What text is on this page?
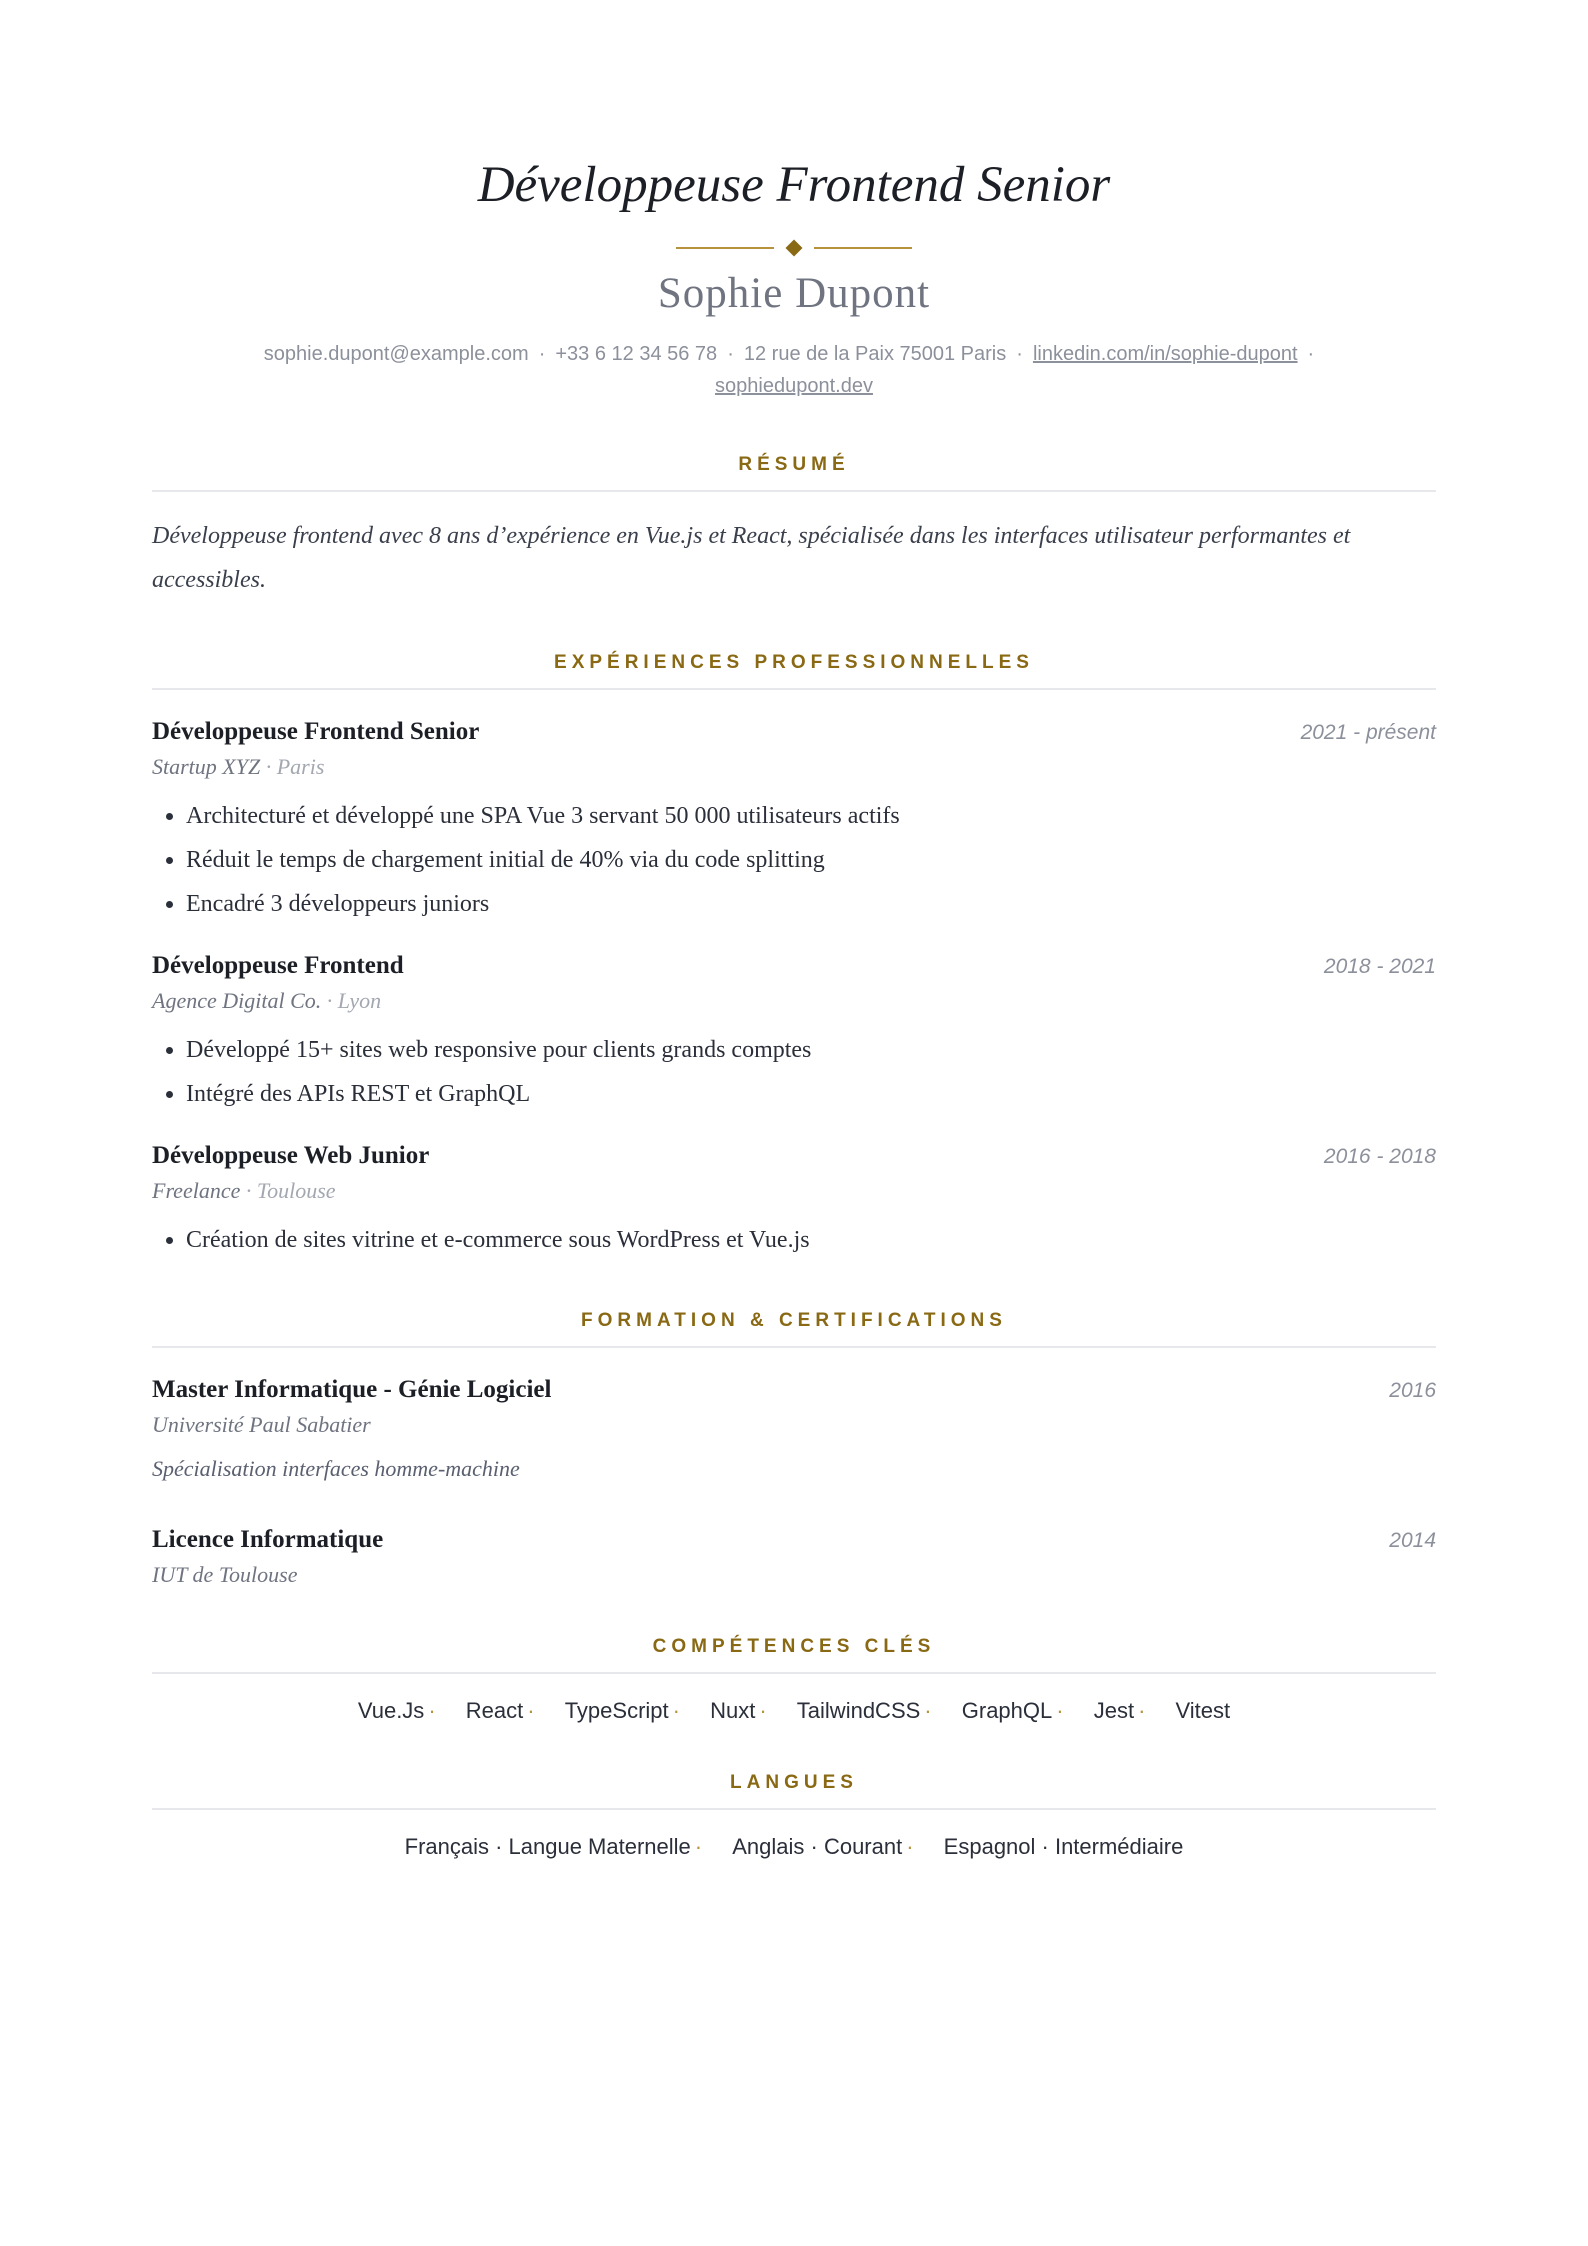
Développeuse Frontend Senior
Sophie Dupont
sophie.dupont@example.com · +33 6 12 34 56 78 · 12 rue de la Paix 75001 Paris · linkedin.com/in/sophie-dupont ·
sophiedupont.dev
RÉSUMÉ

Développeuse frontend avec 8 ans d’expérience en Vue.js et React, spécialisée dans les interfaces utilisateur performantes et accessibles.

EXPÉRIENCES PROFESSIONNELLES
Développeuse Frontend Senior	2021 - présent
Startup XYZ · Paris
• Architecturé et développé une SPA Vue 3 servant 50 000 utilisateurs actifs
• Réduit le temps de chargement initial de 40% via du code splitting
• Encadré 3 développeurs juniors
Développeuse Frontend	2018 - 2021
Agence Digital Co. · Lyon
• Développé 15+ sites web responsive pour clients grands comptes
• Intégré des APIs REST et GraphQL
Développeuse Web Junior	2016 - 2018
Freelance · Toulouse
• Création de sites vitrine et e-commerce sous WordPress et Vue.js
FORMATION & CERTIFICATIONS
Master Informatique - Génie Logiciel	2016
Université Paul Sabatier
Spécialisation interfaces homme-machine
Licence Informatique	2014
IUT de Toulouse
COMPÉTENCES CLÉS
Vue.Js · React · TypeScript · Nuxt · TailwindCSS · GraphQL · Jest · Vitest
LANGUES
Français · Langue Maternelle · Anglais · Courant · Espagnol · Intermédiaire
